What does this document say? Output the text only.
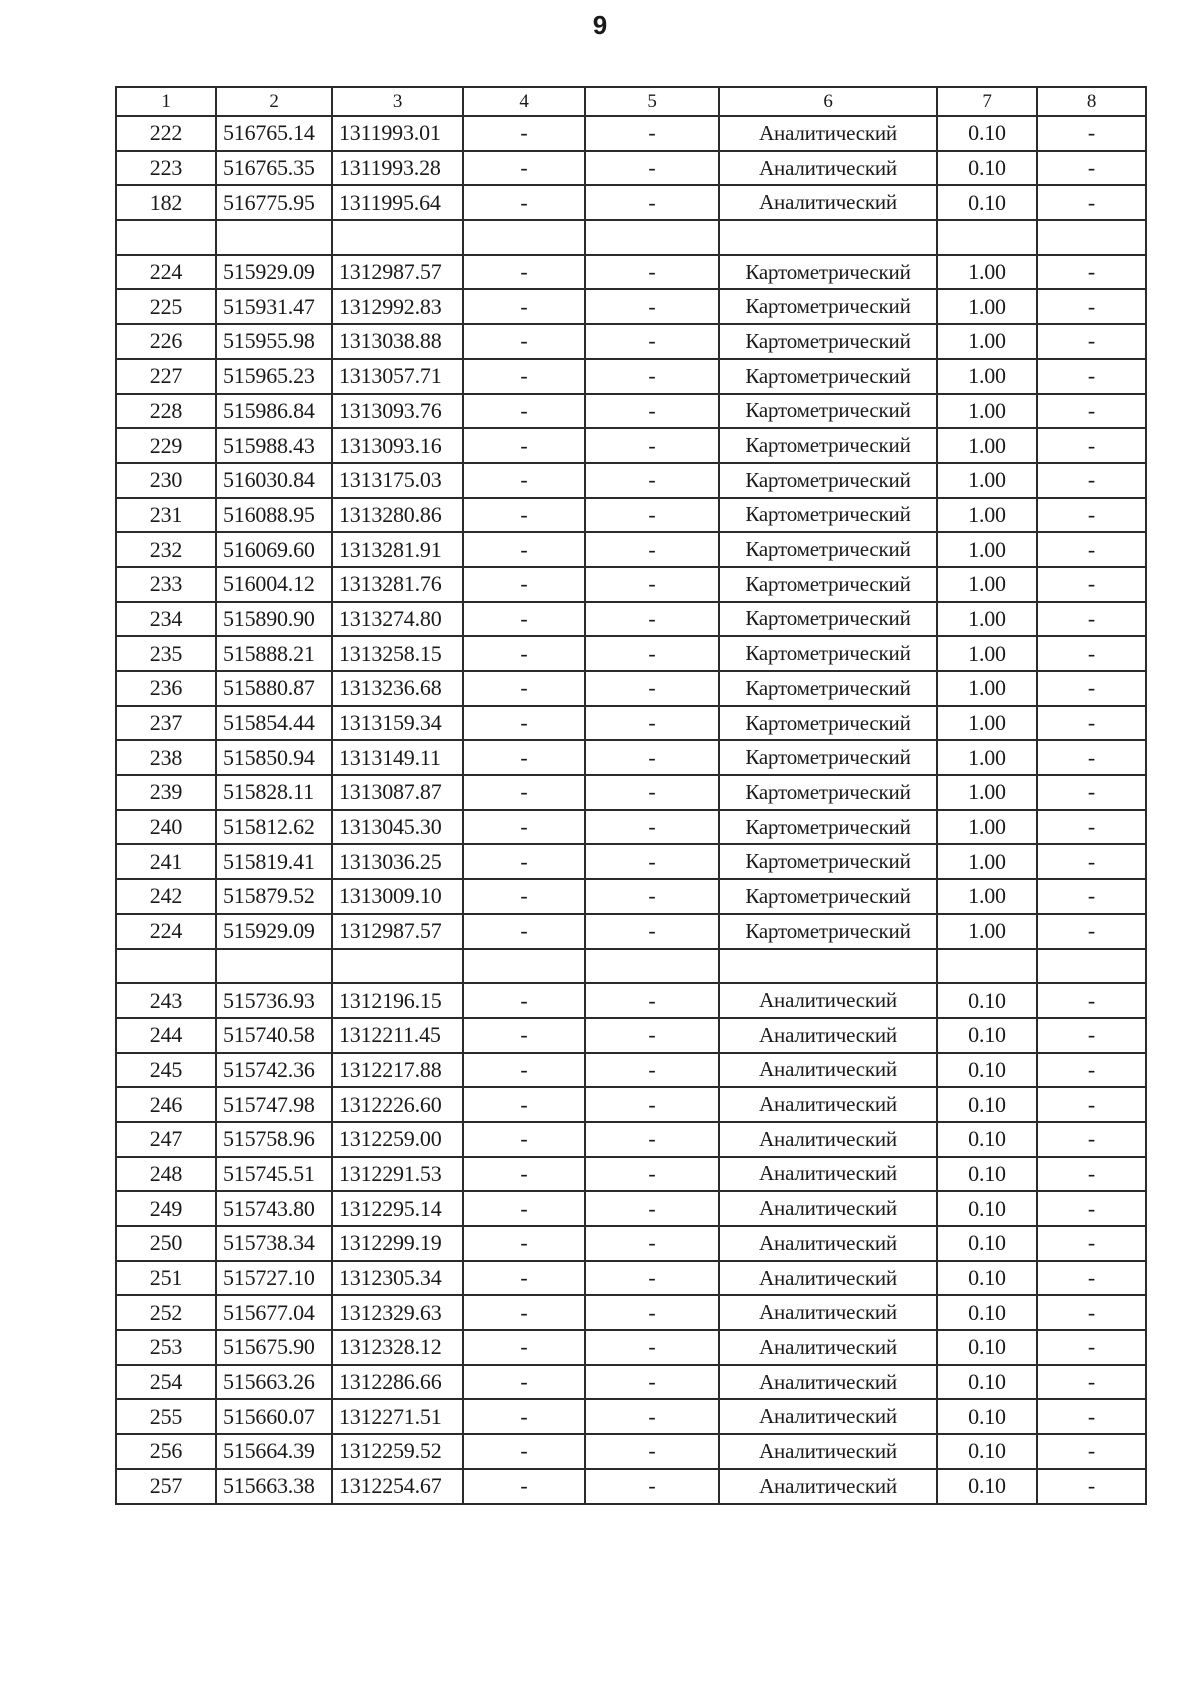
9
1	2	3	4	5	6	7	8
222	516765.14	1311993.01	-	-	Аналитический	0.10	-
223	516765.35	1311993.28	-	-	Аналитический	0.10	-
182	516775.95	1311995.64	-	-	Аналитический	0.10	-

224	515929.09	1312987.57	-	-	Картометрический	1.00	-
225	515931.47	1312992.83	-	-	Картометрический	1.00	-
226	515955.98	1313038.88	-	-	Картометрический	1.00	-
227	515965.23	1313057.71	-	-	Картометрический	1.00	-
228	515986.84	1313093.76	-	-	Картометрический	1.00	-
229	515988.43	1313093.16	-	-	Картометрический	1.00	-
230	516030.84	1313175.03	-	-	Картометрический	1.00	-
231	516088.95	1313280.86	-	-	Картометрический	1.00	-
232	516069.60	1313281.91	-	-	Картометрический	1.00	-
233	516004.12	1313281.76	-	-	Картометрический	1.00	-
234	515890.90	1313274.80	-	-	Картометрический	1.00	-
235	515888.21	1313258.15	-	-	Картометрический	1.00	-
236	515880.87	1313236.68	-	-	Картометрический	1.00	-
237	515854.44	1313159.34	-	-	Картометрический	1.00	-
238	515850.94	1313149.11	-	-	Картометрический	1.00	-
239	515828.11	1313087.87	-	-	Картометрический	1.00	-
240	515812.62	1313045.30	-	-	Картометрический	1.00	-
241	515819.41	1313036.25	-	-	Картометрический	1.00	-
242	515879.52	1313009.10	-	-	Картометрический	1.00	-
224	515929.09	1312987.57	-	-	Картометрический	1.00	-

243	515736.93	1312196.15	-	-	Аналитический	0.10	-
244	515740.58	1312211.45	-	-	Аналитический	0.10	-
245	515742.36	1312217.88	-	-	Аналитический	0.10	-
246	515747.98	1312226.60	-	-	Аналитический	0.10	-
247	515758.96	1312259.00	-	-	Аналитический	0.10	-
248	515745.51	1312291.53	-	-	Аналитический	0.10	-
249	515743.80	1312295.14	-	-	Аналитический	0.10	-
250	515738.34	1312299.19	-	-	Аналитический	0.10	-
251	515727.10	1312305.34	-	-	Аналитический	0.10	-
252	515677.04	1312329.63	-	-	Аналитический	0.10	-
253	515675.90	1312328.12	-	-	Аналитический	0.10	-
254	515663.26	1312286.66	-	-	Аналитический	0.10	-
255	515660.07	1312271.51	-	-	Аналитический	0.10	-
256	515664.39	1312259.52	-	-	Аналитический	0.10	-
257	515663.38	1312254.67	-	-	Аналитический	0.10	-
